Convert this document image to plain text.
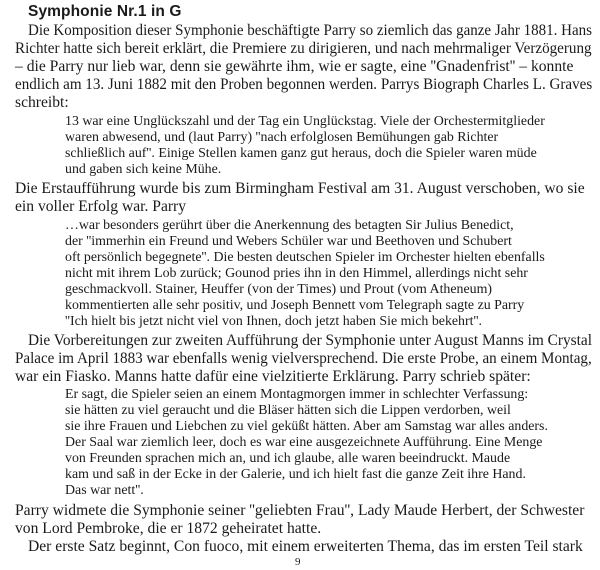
Symphonie Nr.1 in G
Die Komposition dieser Symphonie beschäftigte Parry so ziemlich das ganze Jahr 1881. Hans
Richter hatte sich bereit erklärt, die Premiere zu dirigieren, und nach mehrmaliger Verzögerung
– die Parry nur lieb war, denn sie gewährte ihm, wie er sagte, eine ''Gnadenfrist'' – konnte
endlich am 13. Juni 1882 mit den Proben begonnen werden. Parrys Biograph Charles L. Graves
schreibt:
13 war eine Unglückszahl und der Tag ein Unglückstag. Viele der Orchestermitglieder
waren abwesend, und (laut Parry) ''nach erfolglosen Bemühungen gab Richter
schließlich auf''. Einige Stellen kamen ganz gut heraus, doch die Spieler waren müde
und gaben sich keine Mühe.
Die Erstaufführung wurde bis zum Birmingham Festival am 31. August verschoben, wo sie
ein voller Erfolg war. Parry
…war besonders gerührt über die Anerkennung des betagten Sir Julius Benedict,
der ''immerhin ein Freund und Webers Schüler war und Beethoven und Schubert
oft persönlich begegnete''. Die besten deutschen Spieler im Orchester hielten ebenfalls
nicht mit ihrem Lob zurück; Gounod pries ihn in den Himmel, allerdings nicht sehr
geschmackvoll. Stainer, Heuffer (von der Times) und Prout (vom Atheneum)
kommentierten alle sehr positiv, und Joseph Bennett vom Telegraph sagte zu Parry
''Ich hielt bis jetzt nicht viel von Ihnen, doch jetzt haben Sie mich bekehrt''.
Die Vorbereitungen zur zweiten Aufführung der Symphonie unter August Manns im Crystal
Palace im April 1883 war ebenfalls wenig vielversprechend. Die erste Probe, an einem Montag,
war ein Fiasko. Manns hatte dafür eine vielzitierte Erklärung. Parry schrieb später:
Er sagt, die Spieler seien an einem Montagmorgen immer in schlechter Verfassung:
sie hätten zu viel geraucht und die Bläser hätten sich die Lippen verdorben, weil
sie ihre Frauen und Liebchen zu viel geküßt hätten. Aber am Samstag war alles anders.
Der Saal war ziemlich leer, doch es war eine ausgezeichnete Aufführung. Eine Menge
von Freunden sprachen mich an, und ich glaube, alle waren beeindruckt. Maude
kam und saß in der Ecke in der Galerie, und ich hielt fast die ganze Zeit ihre Hand.
Das war nett''.
Parry widmete die Symphonie seiner ''geliebten Frau'', Lady Maude Herbert, der Schwester
von Lord Pembroke, die er 1872 geheiratet hatte.
Der erste Satz beginnt, Con fuoco, mit einem erweiterten Thema, das im ersten Teil stark
9
